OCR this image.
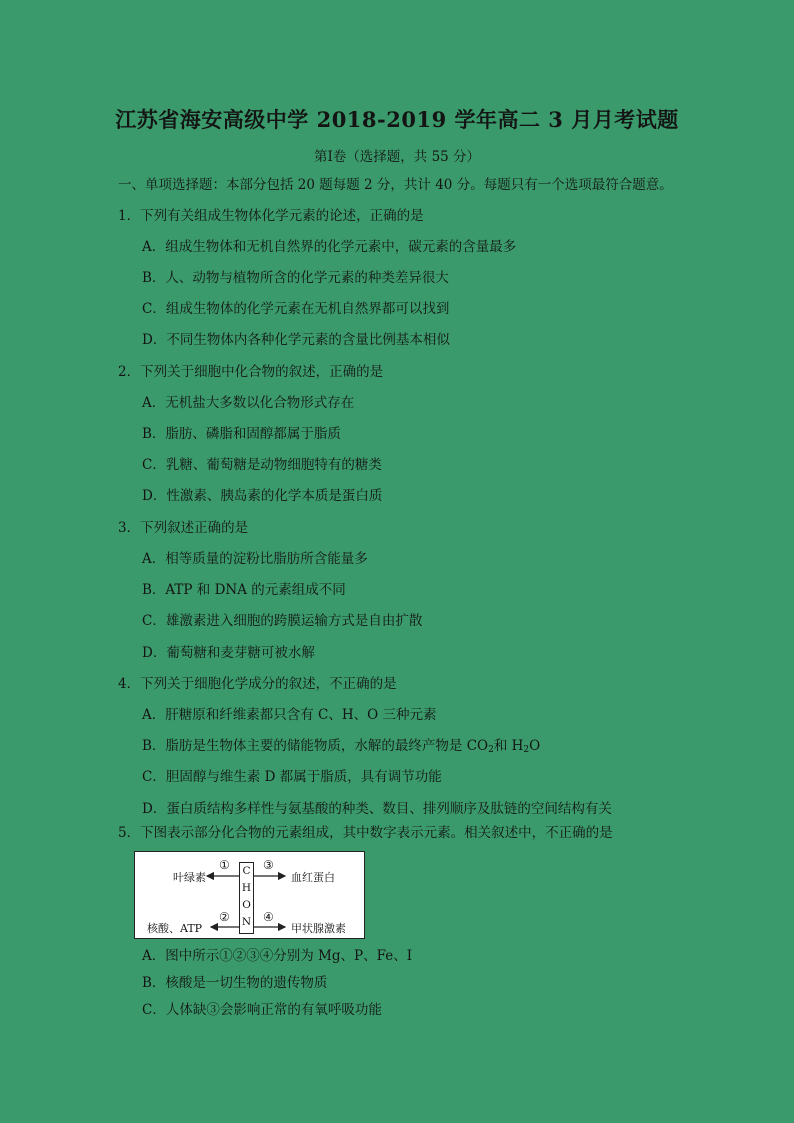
江苏省海安高级中学 2018-2019 学年高二 3 月月考试题
第Ⅰ卷（选择题，共 55 分）
一、单项选择题：本部分包括 20 题每题 2 分，共计 40 分。每题只有一个选项最符合题意。
1．下列有关组成生物体化学元素的论述，正确的是
A．组成生物体和无机自然界的化学元素中，碳元素的含量最多
B．人、动物与植物所含的化学元素的种类差异很大
C．组成生物体的化学元素在无机自然界都可以找到
D．不同生物体内各种化学元素的含量比例基本相似
2．下列关于细胞中化合物的叙述，正确的是
A．无机盐大多数以化合物形式存在
B．脂肪、磷脂和固醇都属于脂质
C．乳糖、葡萄糖是动物细胞特有的糖类
D．性激素、胰岛素的化学本质是蛋白质
3．下列叙述正确的是
A．相等质量的淀粉比脂肪所含能量多
B．ATP 和 DNA 的元素组成不同
C．雄激素进入细胞的跨膜运输方式是自由扩散
D．葡萄糖和麦芽糖可被水解
4．下列关于细胞化学成分的叙述，不正确的是
A．肝糖原和纤维素都只含有 C、H、O 三种元素
B．脂肪是生物体主要的储能物质，水解的最终产物是 $CO_2$和 $H_2O$
C．胆固醇与维生素 D 都属于脂质，具有调节功能
D．蛋白质结构多样性与氨基酸的种类、数目、排列顺序及肽链的空间结构有关
5．下图表示部分化合物的元素组成，其中数字表示元素。相关叙述中，不正确的是
叶绿素
核酸、ATP
血红蛋白
甲状腺激素
①
②
③
④
C
H
O
N
A．图中所示①②③④分别为 Mg、P、Fe、I
B．核酸是一切生物的遗传物质
C．人体缺③会影响正常的有氧呼吸功能
